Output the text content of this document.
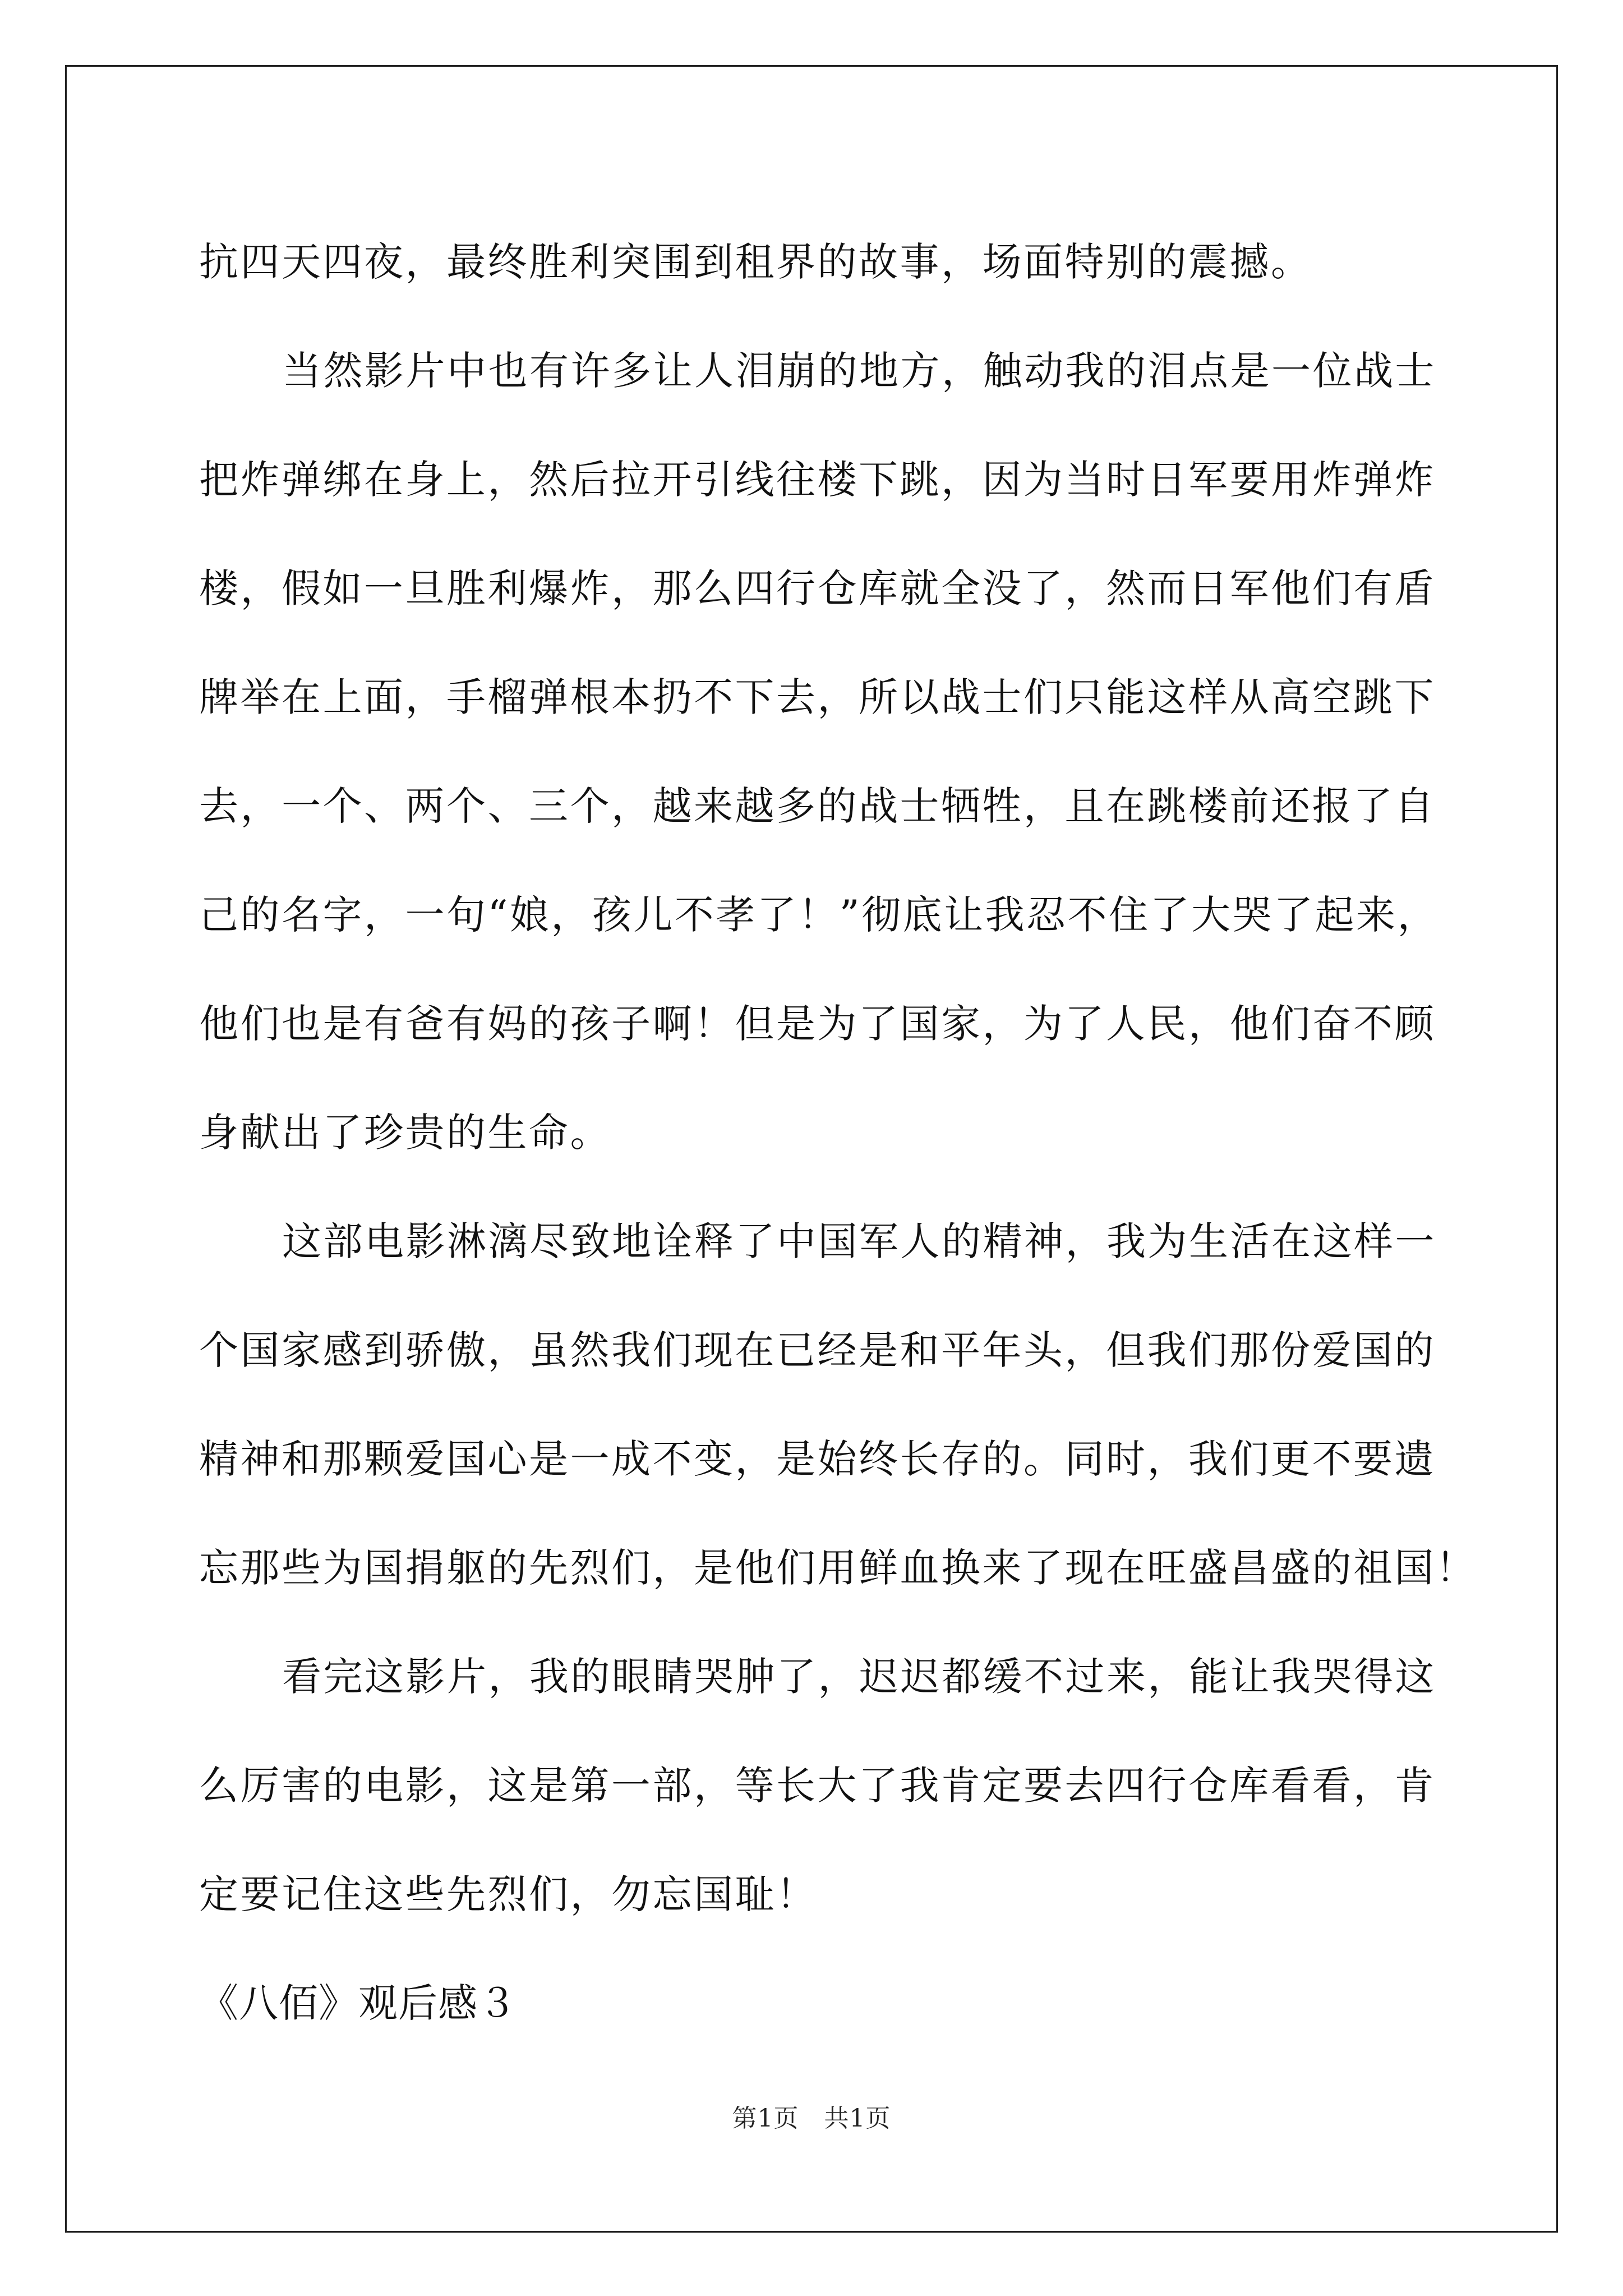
抗四天四夜，最终胜利突围到租界的故事，场面特别的震撼。
当然影片中也有许多让人泪崩的地方，触动我的泪点是一位战士
把炸弹绑在身上，然后拉开引线往楼下跳，因为当时日军要用炸弹炸
楼，假如一旦胜利爆炸，那么四行仓库就全没了，然而日军他们有盾
牌举在上面，手榴弹根本扔不下去，所以战士们只能这样从高空跳下
去，一个、两个、三个，越来越多的战士牺牲，且在跳楼前还报了自
己的名字，一句“娘，孩儿不孝了！”彻底让我忍不住了大哭了起来，
他们也是有爸有妈的孩子啊！但是为了国家，为了人民，他们奋不顾
身献出了珍贵的生命。
这部电影淋漓尽致地诠释了中国军人的精神，我为生活在这样一
个国家感到骄傲，虽然我们现在已经是和平年头，但我们那份爱国的
精神和那颗爱国心是一成不变，是始终长存的。同时，我们更不要遗
忘那些为国捐躯的先烈们，是他们用鲜血换来了现在旺盛昌盛的祖国！
看完这影片，我的眼睛哭肿了，迟迟都缓不过来，能让我哭得这
么厉害的电影，这是第一部，等长大了我肯定要去四行仓库看看，肯
定要记住这些先烈们，勿忘国耻！
《八佰》观后感３
第1页   共1页
